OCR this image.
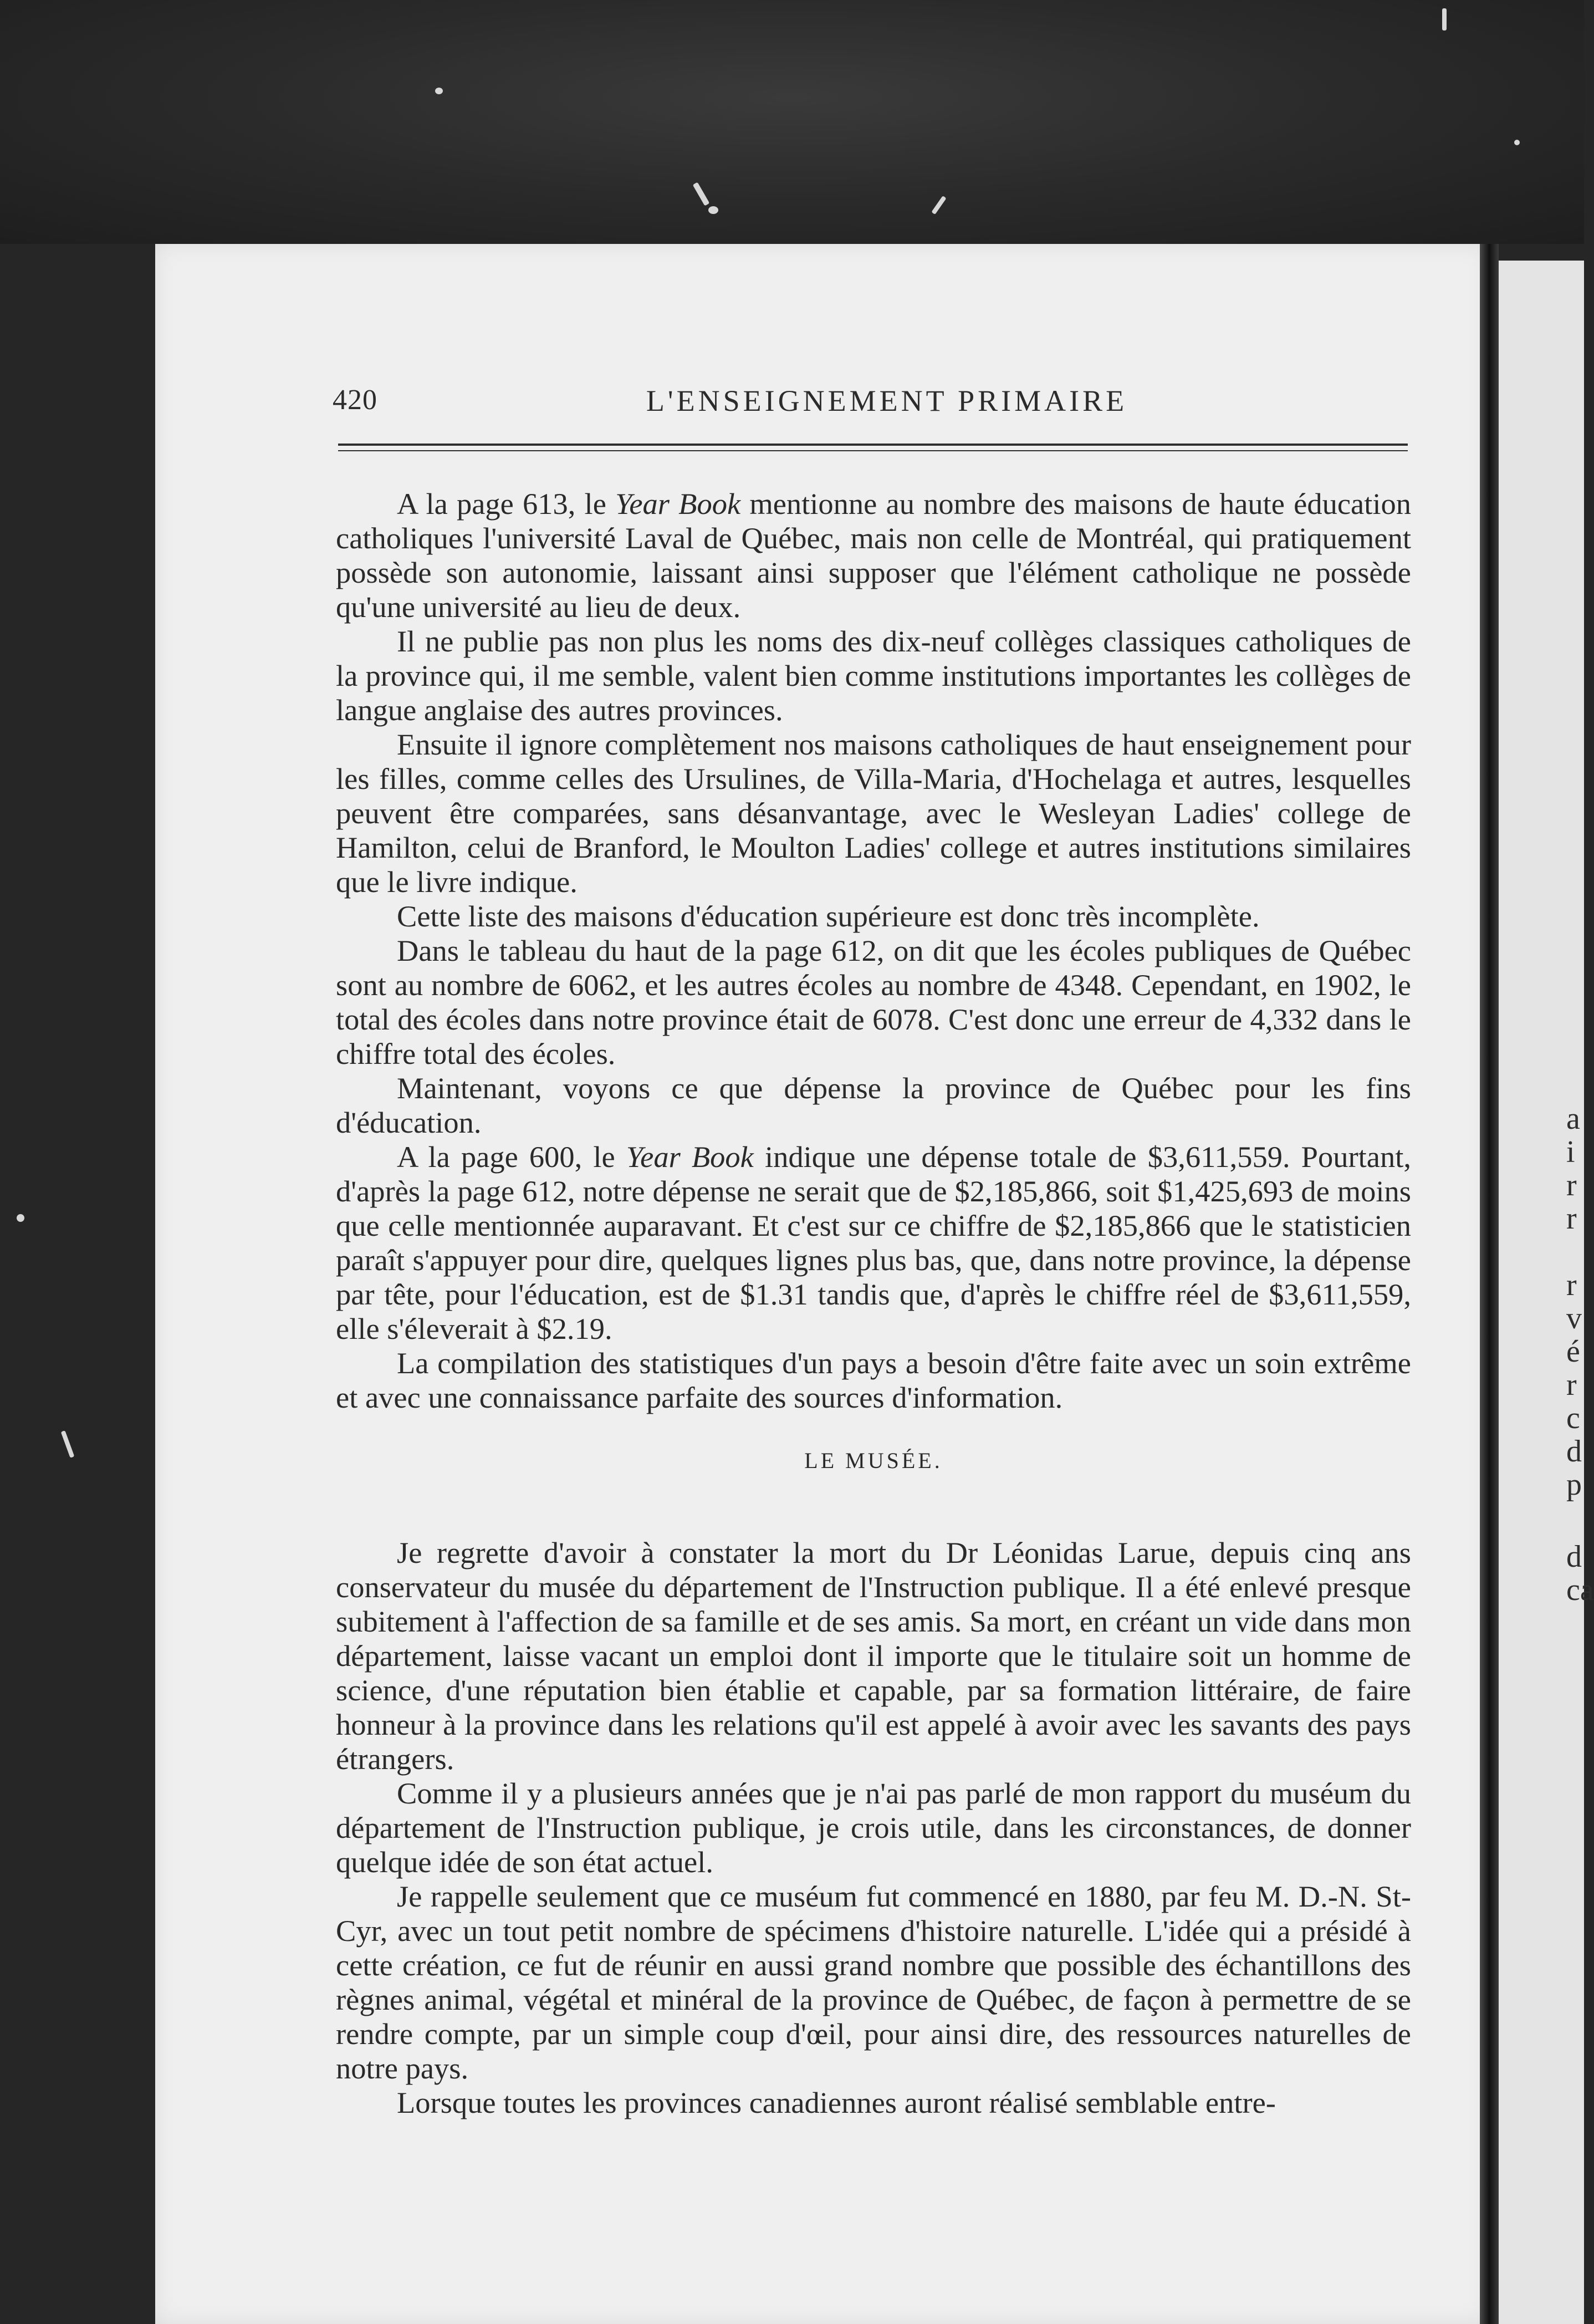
a
i
r
r
r
v
é
r
c
d
p
d
ca
420	L'ENSEIGNEMENT PRIMAIRE

A la page 613, le Year Book mentionne au nombre des maisons de haute éducation catholiques l'université Laval de Québec, mais non celle de Montréal, qui pratiquement possède son autonomie, laissant ainsi supposer que l'élément catholique ne possède qu'une université au lieu de deux.

Il ne publie pas non plus les noms des dix-neuf collèges classiques catholiques de la province qui, il me semble, valent bien comme institutions importantes les collèges de langue anglaise des autres provinces.

Ensuite il ignore complètement nos maisons catholiques de haut enseignement pour les filles, comme celles des Ursulines, de Villa-Maria, d'Hochelaga et autres, lesquelles peuvent être comparées, sans désanvantage, avec le Wesleyan Ladies' college de Hamilton, celui de Branford, le Moulton Ladies' college et autres institutions similaires que le livre indique.

Cette liste des maisons d'éducation supérieure est donc très incomplète.

Dans le tableau du haut de la page 612, on dit que les écoles publiques de Québec sont au nombre de 6062, et les autres écoles au nombre de 4348. Cependant, en 1902, le total des écoles dans notre province était de 6078. C'est donc une erreur de 4,332 dans le chiffre total des écoles.

Maintenant, voyons ce que dépense la province de Québec pour les fins d'éducation.

A la page 600, le Year Book indique une dépense totale de $3,611,559. Pourtant, d'après la page 612, notre dépense ne serait que de $2,185,866, soit $1,425,693 de moins que celle mentionnée auparavant. Et c'est sur ce chiffre de $2,185,866 que le statisticien paraît s'appuyer pour dire, quelques lignes plus bas, que, dans notre province, la dépense par tête, pour l'éducation, est de $1.31 tandis que, d'après le chiffre réel de $3,611,559, elle s'éleverait à $2.19.

La compilation des statistiques d'un pays a besoin d'être faite avec un soin extrême et avec une connaissance parfaite des sources d'information.

LE MUSÉE.

Je regrette d'avoir à constater la mort du Dr Léonidas Larue, depuis cinq ans conservateur du musée du département de l'Instruction publique. Il a été enlevé presque subitement à l'affection de sa famille et de ses amis. Sa mort, en créant un vide dans mon département, laisse vacant un emploi dont il importe que le titulaire soit un homme de science, d'une réputation bien établie et capable, par sa formation littéraire, de faire honneur à la province dans les relations qu'il est appelé à avoir avec les savants des pays étrangers.

Comme il y a plusieurs années que je n'ai pas parlé de mon rapport du muséum du département de l'Instruction publique, je crois utile, dans les circonstances, de donner quelque idée de son état actuel.

Je rappelle seulement que ce muséum fut commencé en 1880, par feu M. D.-N. St-Cyr, avec un tout petit nombre de spécimens d'histoire naturelle. L'idée qui a présidé à cette création, ce fut de réunir en aussi grand nombre que possible des échantillons des règnes animal, végétal et minéral de la province de Québec, de façon à permettre de se rendre compte, par un simple coup d'œil, pour ainsi dire, des ressources naturelles de notre pays.

Lorsque toutes les provinces canadiennes auront réalisé semblable entre-
